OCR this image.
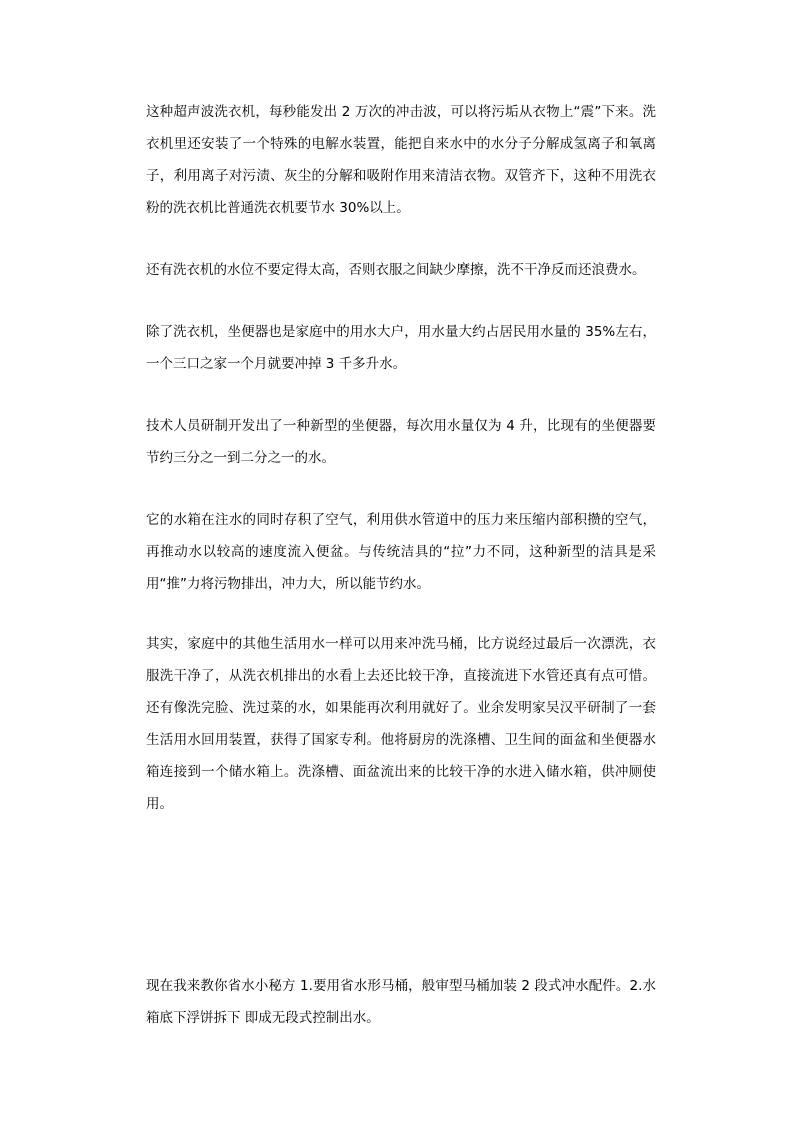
这种超声波洗衣机，每秒能发出 2 万次的冲击波，可以将污垢从衣物上“震”下来。洗衣机里还安装了一个特殊的电解水装置，能把自来水中的水分子分解成氢离子和氧离子，利用离子对污渍、灰尘的分解和吸附作用来清洁衣物。双管齐下，这种不用洗衣粉的洗衣机比普通洗衣机要节水 30%以上。

还有洗衣机的水位不要定得太高，否则衣服之间缺少摩擦，洗不干净反而还浪费水。

除了洗衣机，坐便器也是家庭中的用水大户，用水量大约占居民用水量的 35%左右，一个三口之家一个月就要冲掉 3 千多升水。

技术人员研制开发出了一种新型的坐便器，每次用水量仅为 4 升，比现有的坐便器要节约三分之一到二分之一的水。

它的水箱在注水的同时存积了空气，利用供水管道中的压力来压缩内部积攒的空气，再推动水以较高的速度流入便盆。与传统洁具的“拉”力不同，这种新型的洁具是采用“推”力将污物排出，冲力大，所以能节约水。

其实，家庭中的其他生活用水一样可以用来冲洗马桶，比方说经过最后一次漂洗，衣服洗干净了，从洗衣机排出的水看上去还比较干净，直接流进下水管还真有点可惜。还有像洗完脸、洗过菜的水，如果能再次利用就好了。业余发明家吴汉平研制了一套生活用水回用装置，获得了国家专利。他将厨房的洗涤槽、卫生间的面盆和坐便器水箱连接到一个储水箱上。洗涤槽、面盆流出来的比较干净的水进入储水箱，供冲厕使用。

现在我来教你省水小秘方 1.要用省水形马桶，般审型马桶加装 2 段式冲水配件。2.水箱底下浮饼拆下 即成无段式控制出水。
